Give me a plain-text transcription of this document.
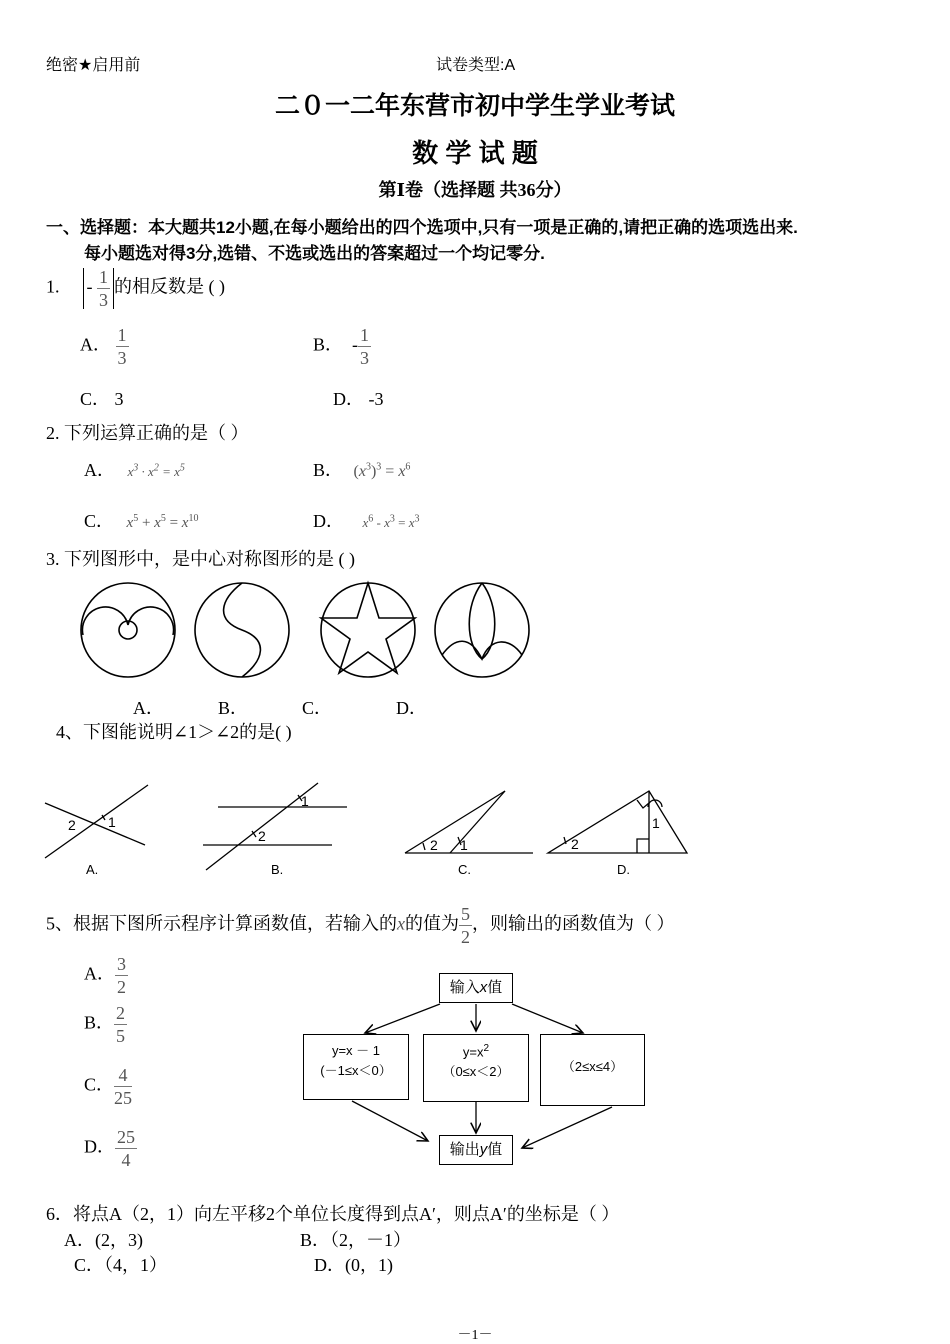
绝密★启用前	试卷类型:A
二０一二年东营市初中学生学业考试
数 学 试 题
第Ⅰ卷（选择题 共36分）
一、选择题：本大题共12小题,在每小题给出的四个选项中,只有一项是正确的,请把正确的选项选出来.
每小题选对得3分,选错、不选或选出的答案超过一个均记零分.
1. - $\frac{1}{3}$ 的相反数是 ( )
A． $\frac{1}{3}$	B． - $\frac{1}{3}$
C． 3	D． -3
2. 下列运算正确的是（ ）
A． $x^3 \cdot x^2 = x^5$	B． $(x^3)^3 = x^6$
C． $x^5 + x^5 = x^{10}$	D． $x^6 - x^3 = x^3$
3. 下列图形中，是中心对称图形的是 ( )
A．	B．	C．	D．
4、下图能说明∠1＞∠2的是( )
2 1
1
2
2 1
1
2
A.	B.	C.	D.
5、根据下图所示程序计算函数值，若输入的x的值为 $\frac{5}{2}$ ，则输出的函数值为（ ）
A． $\frac{3}{2}$
B． $\frac{2}{5}$
C． $\frac{4}{25}$
D． $\frac{25}{4}$
输入x值
y=x － 1
(－1≤x＜0）
$y=x^2$
（0≤x＜2）	（2≤x≤4）
输出y值
6．将点A（2，1）向左平移2个单位长度得到点A′，则点A′的坐标是（ ）
A．(2，3)	B．（2，－1）
C．（4，1）	D．(0，1)
－1－
